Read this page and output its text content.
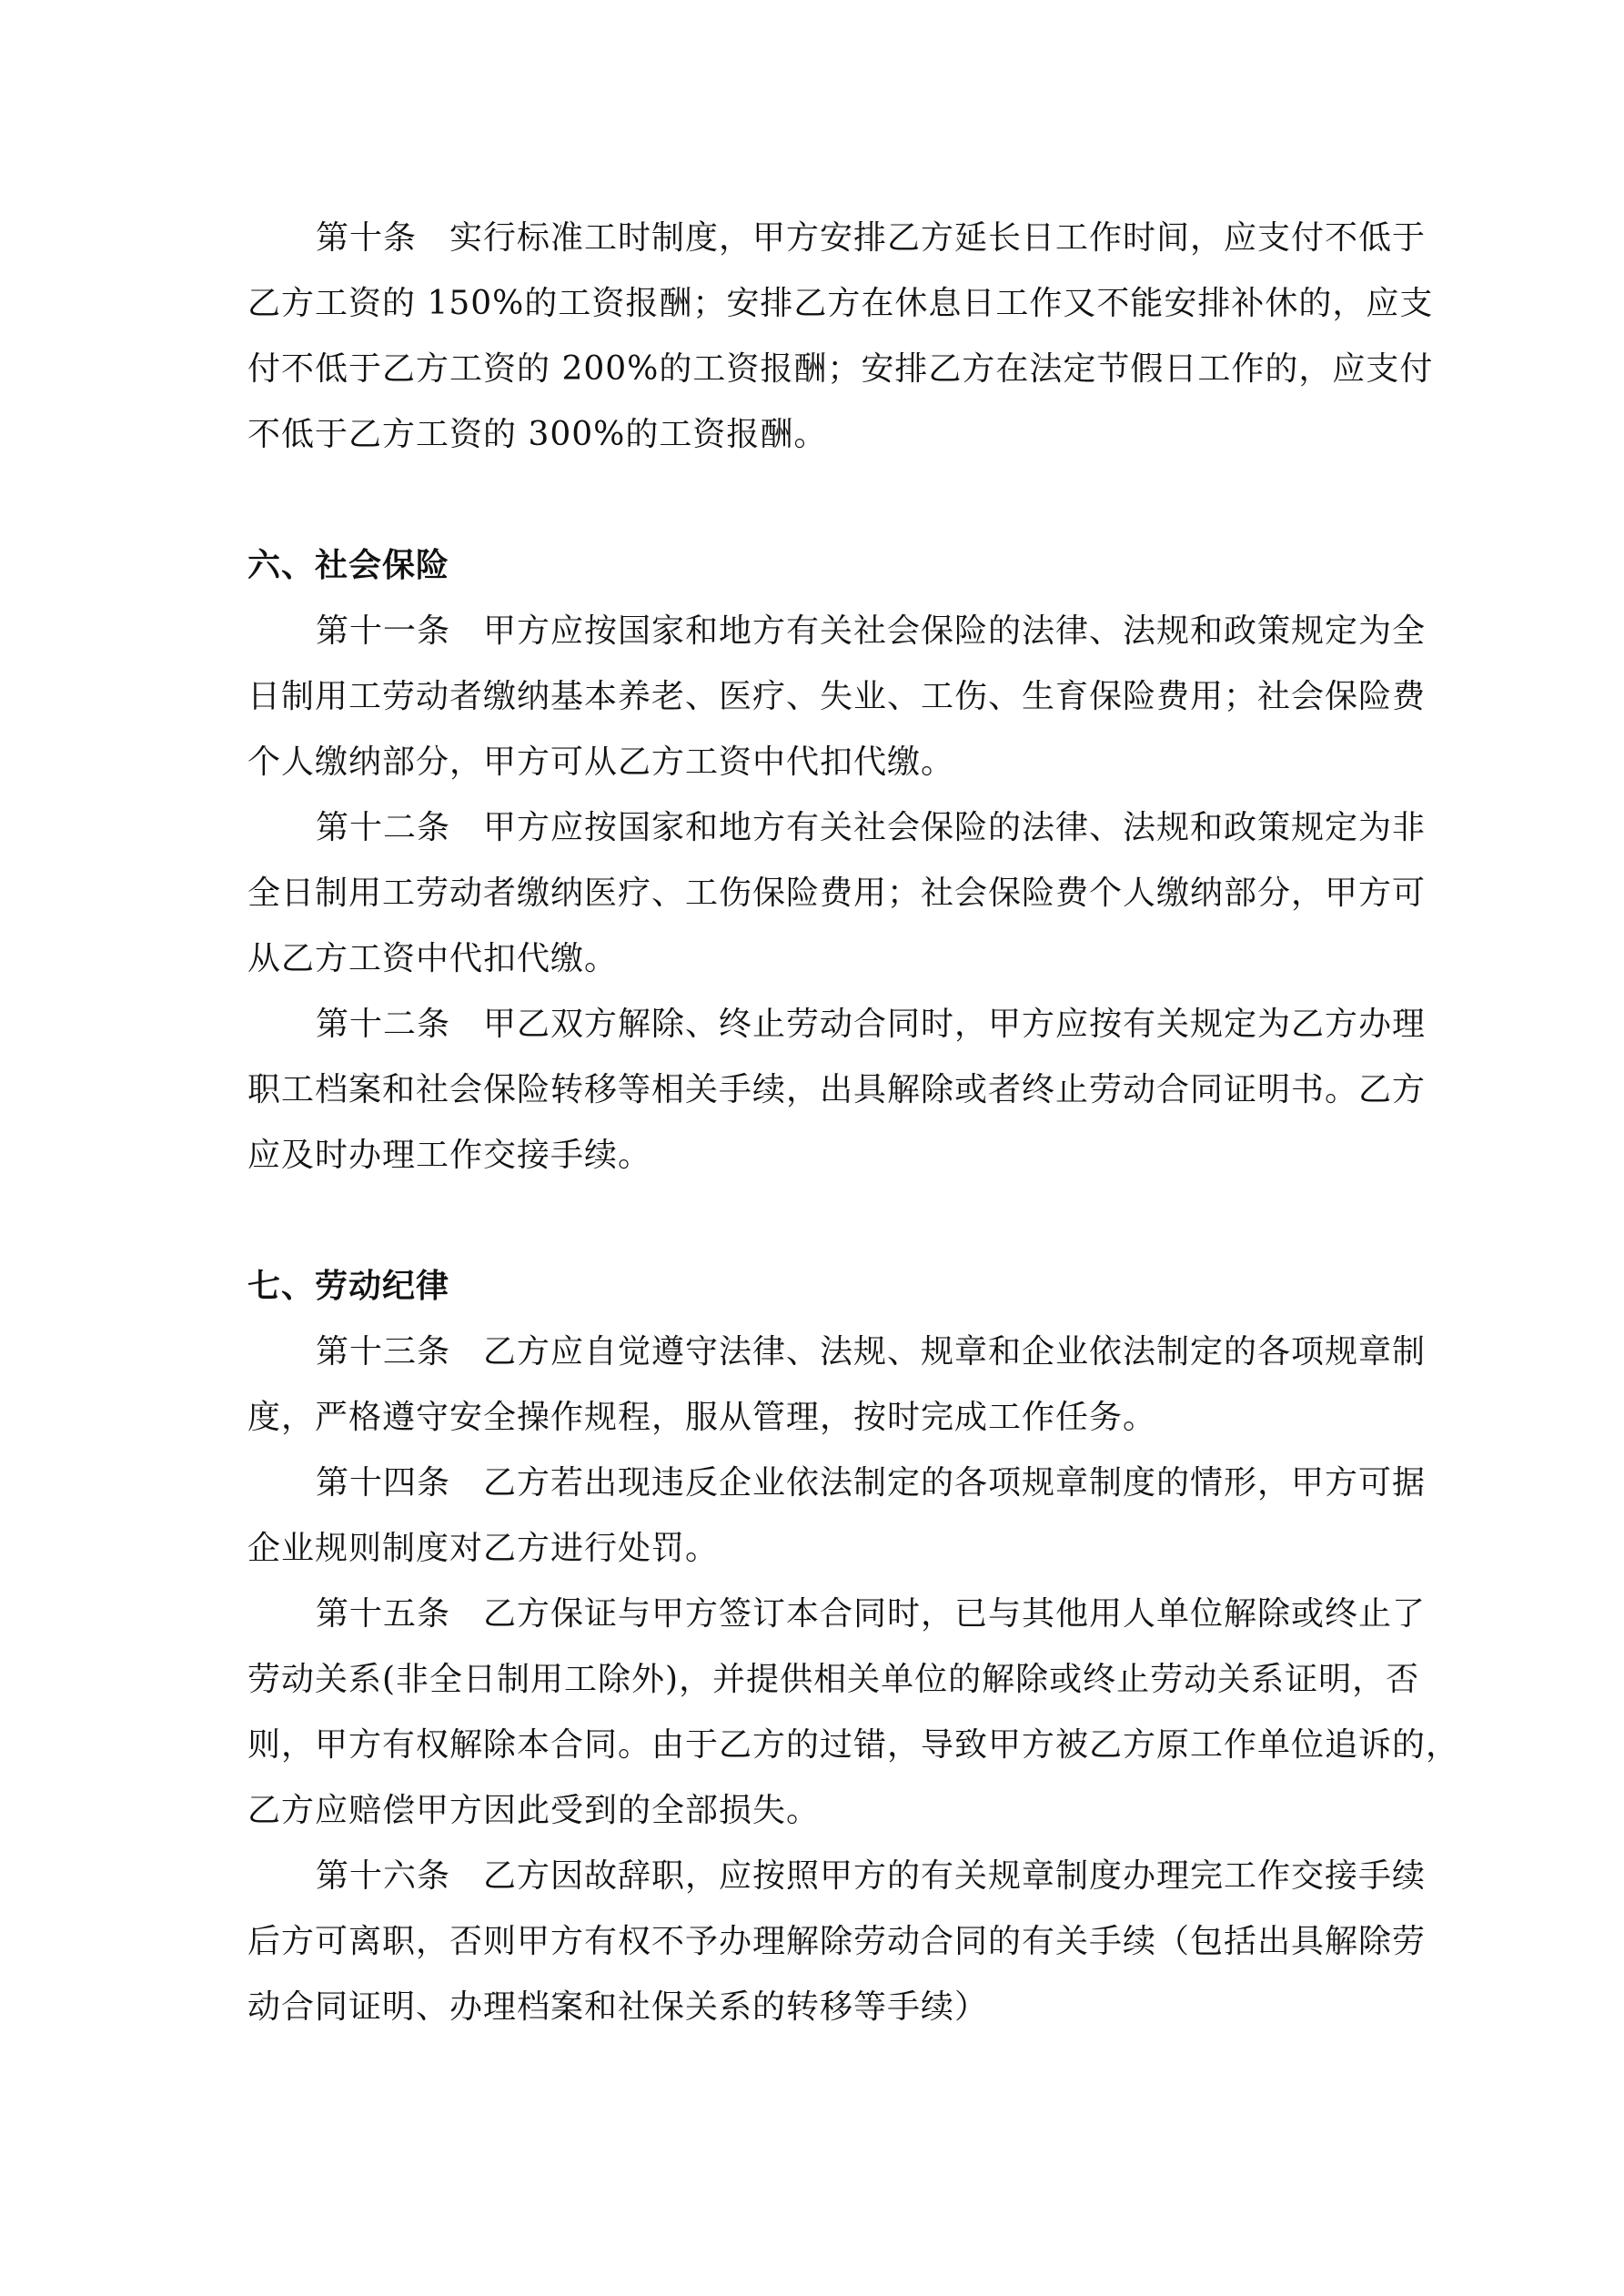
第十条 实行标准工时制度，甲方安排乙方延长日工作时间，应支付不低于
乙方工资的 150%的工资报酬；安排乙方在休息日工作又不能安排补休的，应支
付不低于乙方工资的 200%的工资报酬；安排乙方在法定节假日工作的，应支付
不低于乙方工资的 300%的工资报酬。
六、社会保险
第十一条 甲方应按国家和地方有关社会保险的法律、法规和政策规定为全
日制用工劳动者缴纳基本养老、医疗、失业、工伤、生育保险费用；社会保险费
个人缴纳部分，甲方可从乙方工资中代扣代缴。
第十二条 甲方应按国家和地方有关社会保险的法律、法规和政策规定为非
全日制用工劳动者缴纳医疗、工伤保险费用；社会保险费个人缴纳部分，甲方可
从乙方工资中代扣代缴。
第十二条 甲乙双方解除、终止劳动合同时，甲方应按有关规定为乙方办理
职工档案和社会保险转移等相关手续，出具解除或者终止劳动合同证明书。乙方
应及时办理工作交接手续。
七、劳动纪律
第十三条 乙方应自觉遵守法律、法规、规章和企业依法制定的各项规章制
度，严格遵守安全操作规程，服从管理，按时完成工作任务。
第十四条 乙方若出现违反企业依法制定的各项规章制度的情形，甲方可据
企业规则制度对乙方进行处罚。
第十五条 乙方保证与甲方签订本合同时，已与其他用人单位解除或终止了
劳动关系(非全日制用工除外)，并提供相关单位的解除或终止劳动关系证明，否
则，甲方有权解除本合同。由于乙方的过错，导致甲方被乙方原工作单位追诉的，
乙方应赔偿甲方因此受到的全部损失。
第十六条 乙方因故辞职，应按照甲方的有关规章制度办理完工作交接手续
后方可离职，否则甲方有权不予办理解除劳动合同的有关手续（包括出具解除劳
动合同证明、办理档案和社保关系的转移等手续）
